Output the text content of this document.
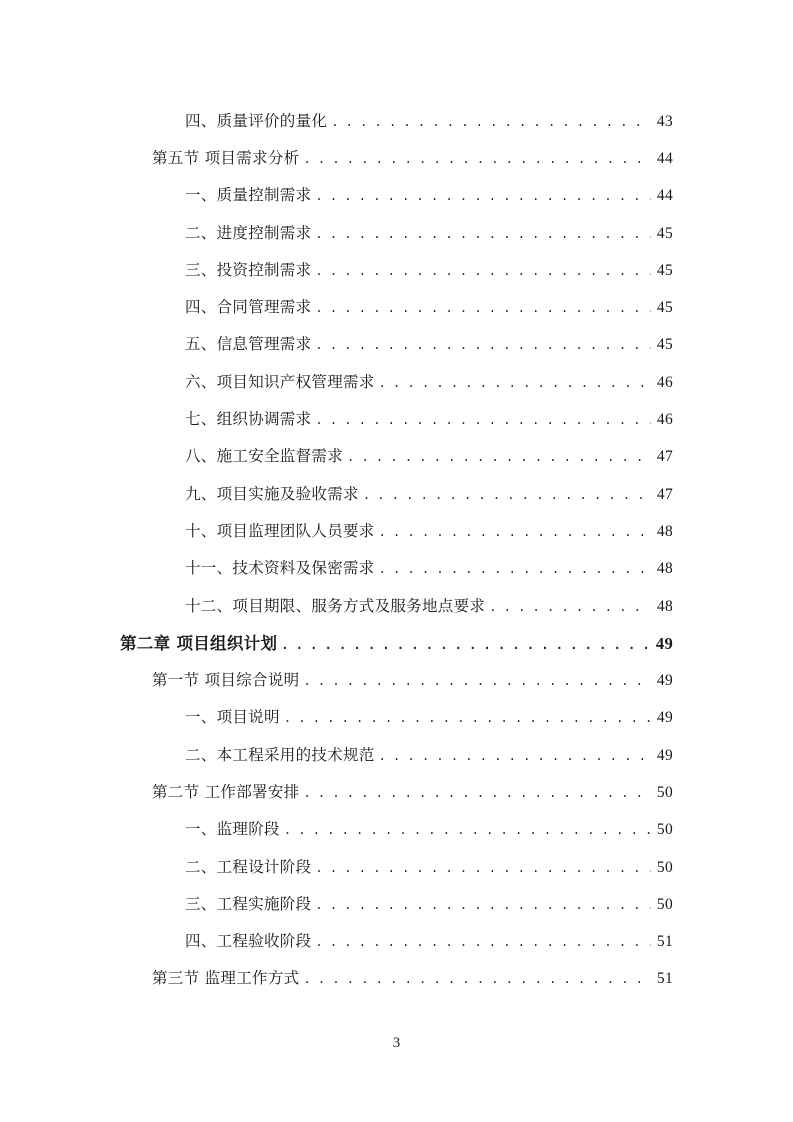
四、质量评价的量化 . . .	43
第五节 项目需求分析 . . .	44
一、质量控制需求 . . .	44
二、进度控制需求 . . .	45
三、投资控制需求 . . .	45
四、合同管理需求 . . .	45
五、信息管理需求 . . .	45
六、项目知识产权管理需求 . . .	46
七、组织协调需求 . . .	46
八、施工安全监督需求 . . .	47
九、项目实施及验收需求 . . .	47
十、项目监理团队人员要求 . . .	48
十一、技术资料及保密需求 . . .	48
十二、项目期限、服务方式及服务地点要求 . . .	48
第二章 项目组织计划 . . .	49
第一节 项目综合说明 . . .	49
一、项目说明 . . .	49
二、本工程采用的技术规范 . . .	49
第二节 工作部署安排 . . .	50
一、监理阶段 . . .	50
二、工程设计阶段 . . .	50
三、工程实施阶段 . . .	50
四、工程验收阶段 . . .	51
第三节 监理工作方式 . . .	51
3
